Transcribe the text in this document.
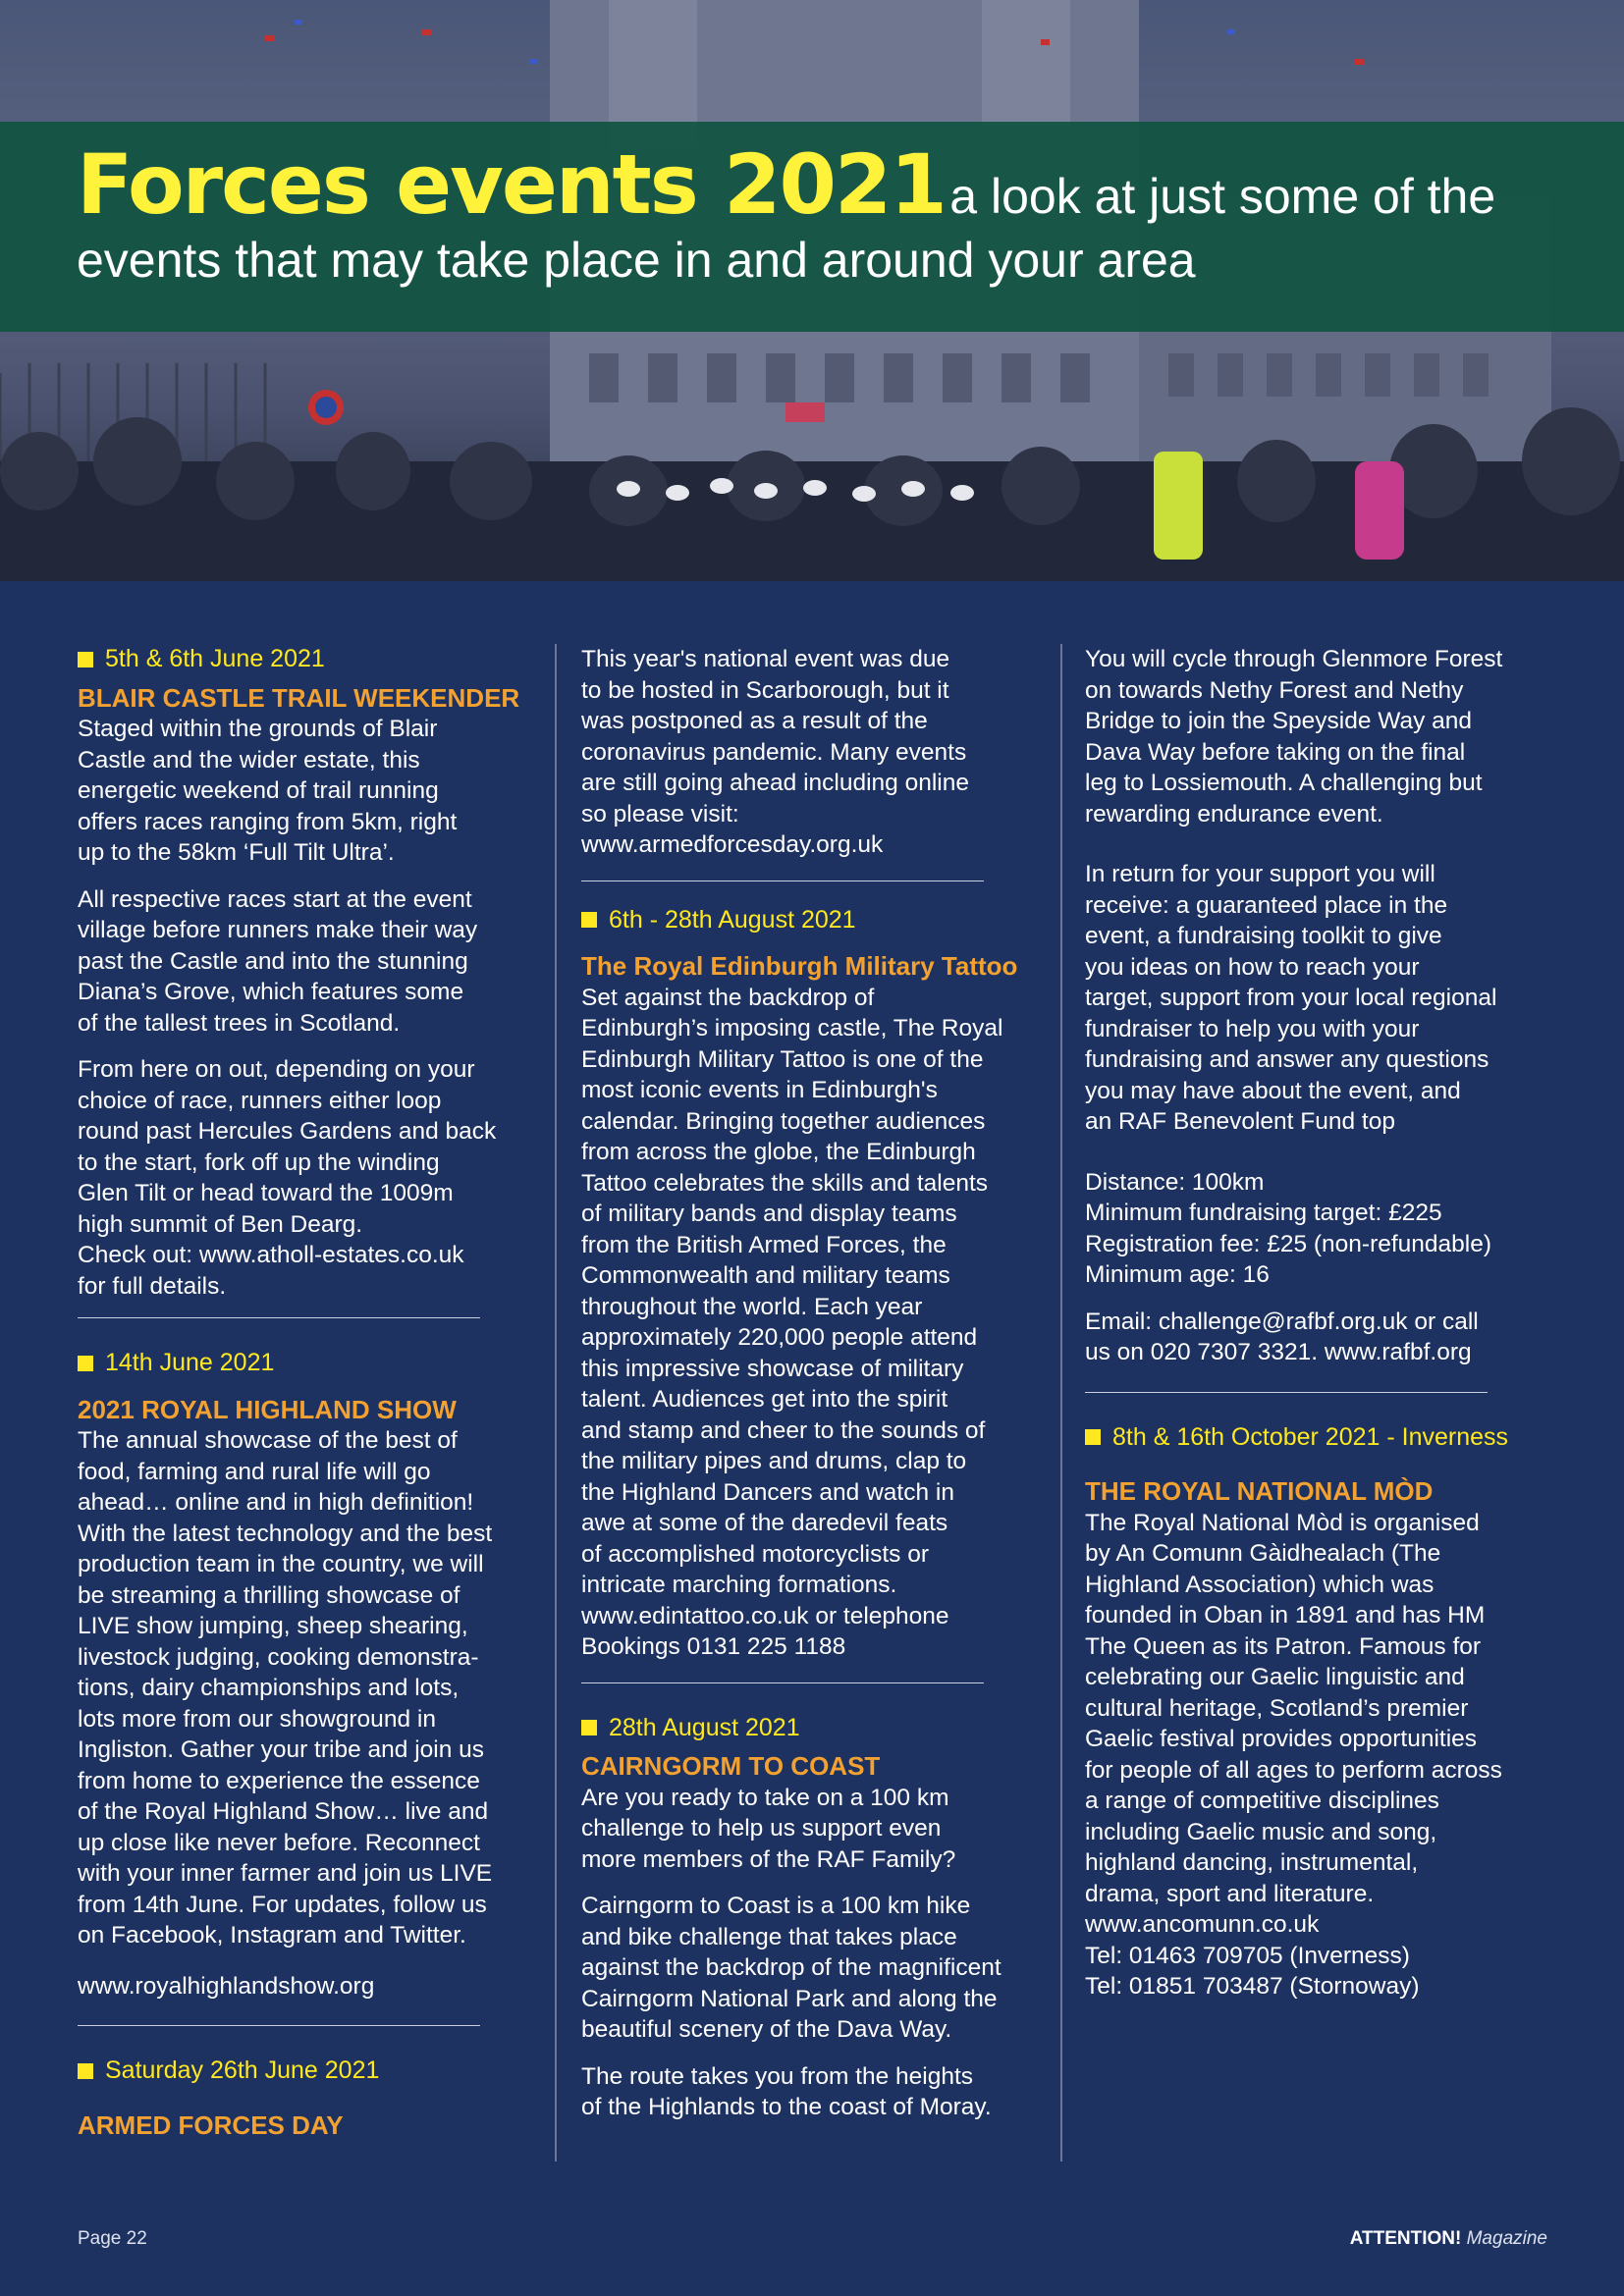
Forces events 2021 a look at just some of the
events that may take place in and around your area
5th & 6th June 2021
BLAIR CASTLE TRAIL WEEKENDER
Staged within the grounds of Blair
Castle and the wider estate, this
energetic weekend of trail running
offers races ranging from 5km, right
up to the 58km ‘Full Tilt Ultra’.
All respective races start at the event
village before runners make their way
past the Castle and into the stunning
Diana’s Grove, which features some
of the tallest trees in Scotland.
From here on out, depending on your
choice of race, runners either loop
round past Hercules Gardens and back
to the start, fork off up the winding
Glen Tilt or head toward the 1009m
high summit of Ben Dearg.
Check out: www.atholl-estates.co.uk
for full details.
14th June 2021
2021 ROYAL HIGHLAND SHOW
The annual showcase of the best of
food, farming and rural life will go
ahead… online and in high definition!
With the latest technology and the best
production team in the country, we will
be streaming a thrilling showcase of
LIVE show jumping, sheep shearing,
livestock judging, cooking demonstra-
tions, dairy championships and lots,
lots more from our showground in
Ingliston. Gather your tribe and join us
from home to experience the essence
of the Royal Highland Show… live and
up close like never before. Reconnect
with your inner farmer and join us LIVE
from 14th June. For updates, follow us
on Facebook, Instagram and Twitter.
www.royalhighlandshow.org
Saturday 26th June 2021
ARMED FORCES DAY
This year's national event was due
to be hosted in Scarborough, but it
was postponed as a result of the
coronavirus pandemic. Many events
are still going ahead including online
so please visit:
www.armedforcesday.org.uk
6th - 28th August 2021
The Royal Edinburgh Military Tattoo
Set against the backdrop of
Edinburgh’s imposing castle, The Royal
Edinburgh Military Tattoo is one of the
most iconic events in Edinburgh's
calendar. Bringing together audiences
from across the globe, the Edinburgh
Tattoo celebrates the skills and talents
of military bands and display teams
from the British Armed Forces, the
Commonwealth and military teams
throughout the world. Each year
approximately 220,000 people attend
this impressive showcase of military
talent. Audiences get into the spirit
and stamp and cheer to the sounds of
the military pipes and drums, clap to
the Highland Dancers and watch in
awe at some of the daredevil feats
of accomplished motorcyclists or
intricate marching formations.
www.edintattoo.co.uk or telephone
Bookings 0131 225 1188
28th August 2021
CAIRNGORM TO COAST
Are you ready to take on a 100 km
challenge to help us support even
more members of the RAF Family?
Cairngorm to Coast is a 100 km hike
and bike challenge that takes place
against the backdrop of the magnificent
Cairngorm National Park and along the
beautiful scenery of the Dava Way.
The route takes you from the heights
of the Highlands to the coast of Moray.
You will cycle through Glenmore Forest
on towards Nethy Forest and Nethy
Bridge to join the Speyside Way and
Dava Way before taking on the final
leg to Lossiemouth. A challenging but
rewarding endurance event.
In return for your support you will
receive: a guaranteed place in the
event, a fundraising toolkit to give
you ideas on how to reach your
target, support from your local regional
fundraiser to help you with your
fundraising and answer any questions
you may have about the event, and
an RAF Benevolent Fund top
Distance: 100km
Minimum fundraising target: £225
Registration fee: £25 (non-refundable)
Minimum age: 16
Email: challenge@rafbf.org.uk or call
us on 020 7307 3321. www.rafbf.org
8th & 16th October 2021 - Inverness
THE ROYAL NATIONAL MÒD
The Royal National Mòd is organised
by An Comunn Gàidhealach (The
Highland Association) which was
founded in Oban in 1891 and has HM
The Queen as its Patron. Famous for
celebrating our Gaelic linguistic and
cultural heritage, Scotland’s premier
Gaelic festival provides opportunities
for people of all ages to perform across
a range of competitive disciplines
including Gaelic music and song,
highland dancing, instrumental,
drama, sport and literature.
www.ancomunn.co.uk
Tel: 01463 709705 (Inverness)
Tel: 01851 703487 (Stornoway)
Page 22	ATTENTION! Magazine
